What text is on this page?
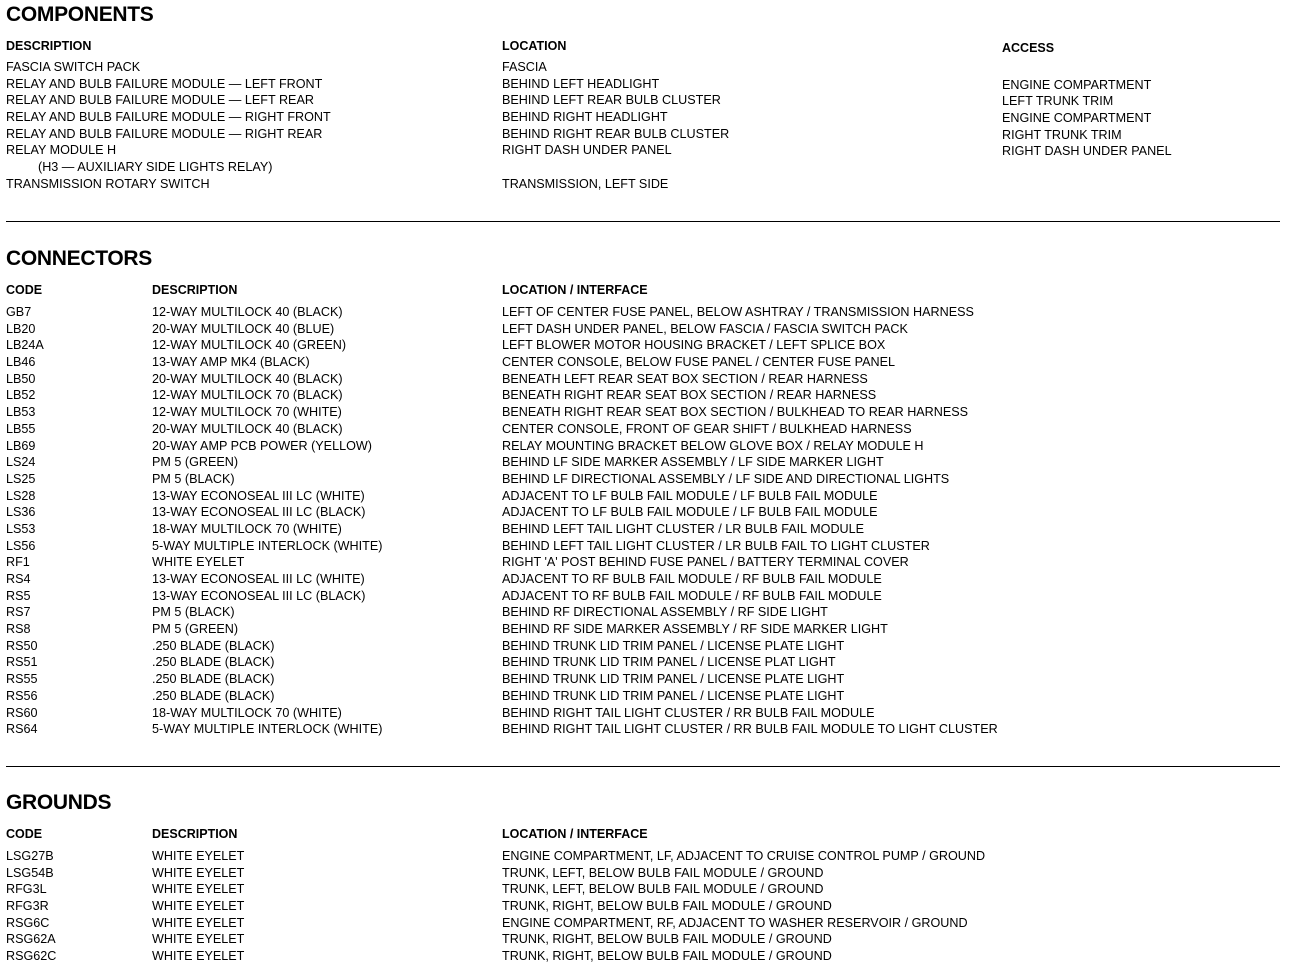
COMPONENTS
DESCRIPTION	LOCATION	ACCESS
FASCIA SWITCH PACK	FASCIA
RELAY AND BULB FAILURE MODULE — LEFT FRONT	BEHIND LEFT HEADLIGHT	ENGINE COMPARTMENT
RELAY AND BULB FAILURE MODULE — LEFT REAR	BEHIND LEFT REAR BULB CLUSTER	LEFT TRUNK TRIM
RELAY AND BULB FAILURE MODULE — RIGHT FRONT	BEHIND RIGHT HEADLIGHT	ENGINE COMPARTMENT
RELAY AND BULB FAILURE MODULE — RIGHT REAR	BEHIND RIGHT REAR BULB CLUSTER	RIGHT TRUNK TRIM
RELAY MODULE H	RIGHT DASH UNDER PANEL	RIGHT DASH UNDER PANEL
(H3 — AUXILIARY SIDE LIGHTS RELAY)
TRANSMISSION ROTARY SWITCH	TRANSMISSION, LEFT SIDE
CONNECTORS
CODE	DESCRIPTION	LOCATION / INTERFACE
GB7	12-WAY MULTILOCK 40 (BLACK)	LEFT OF CENTER FUSE PANEL, BELOW ASHTRAY / TRANSMISSION HARNESS
LB20	20-WAY MULTILOCK 40 (BLUE)	LEFT DASH UNDER PANEL, BELOW FASCIA / FASCIA SWITCH PACK
LB24A	12-WAY MULTILOCK 40 (GREEN)	LEFT BLOWER MOTOR HOUSING BRACKET / LEFT SPLICE BOX
LB46	13-WAY AMP MK4 (BLACK)	CENTER CONSOLE, BELOW FUSE PANEL / CENTER FUSE PANEL
LB50	20-WAY MULTILOCK 40 (BLACK)	BENEATH LEFT REAR SEAT BOX SECTION / REAR HARNESS
LB52	12-WAY MULTILOCK 70 (BLACK)	BENEATH RIGHT REAR SEAT BOX SECTION / REAR HARNESS
LB53	12-WAY MULTILOCK 70 (WHITE)	BENEATH RIGHT REAR SEAT BOX SECTION / BULKHEAD TO REAR HARNESS
LB55	20-WAY MULTILOCK 40 (BLACK)	CENTER CONSOLE, FRONT OF GEAR SHIFT / BULKHEAD HARNESS
LB69	20-WAY AMP PCB POWER (YELLOW)	RELAY MOUNTING BRACKET BELOW GLOVE BOX / RELAY MODULE H
LS24	PM 5 (GREEN)	BEHIND LF SIDE MARKER ASSEMBLY / LF SIDE MARKER LIGHT
LS25	PM 5 (BLACK)	BEHIND LF DIRECTIONAL ASSEMBLY / LF SIDE AND DIRECTIONAL LIGHTS
LS28	13-WAY ECONOSEAL III LC (WHITE)	ADJACENT TO LF BULB FAIL MODULE / LF BULB FAIL MODULE
LS36	13-WAY ECONOSEAL III LC (BLACK)	ADJACENT TO LF BULB FAIL MODULE / LF BULB FAIL MODULE
LS53	18-WAY MULTILOCK 70 (WHITE)	BEHIND LEFT TAIL LIGHT CLUSTER / LR BULB FAIL MODULE
LS56	5-WAY MULTIPLE INTERLOCK (WHITE)	BEHIND LEFT TAIL LIGHT CLUSTER / LR BULB FAIL TO LIGHT CLUSTER
RF1	WHITE EYELET	RIGHT 'A' POST BEHIND FUSE PANEL / BATTERY TERMINAL COVER
RS4	13-WAY ECONOSEAL III LC (WHITE)	ADJACENT TO RF BULB FAIL MODULE / RF BULB FAIL MODULE
RS5	13-WAY ECONOSEAL III LC (BLACK)	ADJACENT TO RF BULB FAIL MODULE / RF BULB FAIL MODULE
RS7	PM 5 (BLACK)	BEHIND RF DIRECTIONAL ASSEMBLY / RF SIDE LIGHT
RS8	PM 5 (GREEN)	BEHIND RF SIDE MARKER ASSEMBLY / RF SIDE MARKER LIGHT
RS50	.250 BLADE (BLACK)	BEHIND TRUNK LID TRIM PANEL / LICENSE PLATE LIGHT
RS51	.250 BLADE (BLACK)	BEHIND TRUNK LID TRIM PANEL / LICENSE PLAT LIGHT
RS55	.250 BLADE (BLACK)	BEHIND TRUNK LID TRIM PANEL / LICENSE PLATE LIGHT
RS56	.250 BLADE (BLACK)	BEHIND TRUNK LID TRIM PANEL / LICENSE PLATE LIGHT
RS60	18-WAY MULTILOCK 70 (WHITE)	BEHIND RIGHT TAIL LIGHT CLUSTER / RR BULB FAIL MODULE
RS64	5-WAY MULTIPLE INTERLOCK (WHITE)	BEHIND RIGHT TAIL LIGHT CLUSTER / RR BULB FAIL MODULE TO LIGHT CLUSTER
GROUNDS
CODE	DESCRIPTION	LOCATION / INTERFACE
LSG27B	WHITE EYELET	ENGINE COMPARTMENT, LF, ADJACENT TO CRUISE CONTROL PUMP / GROUND
LSG54B	WHITE EYELET	TRUNK, LEFT, BELOW BULB FAIL MODULE / GROUND
RFG3L	WHITE EYELET	TRUNK, LEFT, BELOW BULB FAIL MODULE / GROUND
RFG3R	WHITE EYELET	TRUNK, RIGHT, BELOW BULB FAIL MODULE / GROUND
RSG6C	WHITE EYELET	ENGINE COMPARTMENT, RF, ADJACENT TO WASHER RESERVOIR / GROUND
RSG62A	WHITE EYELET	TRUNK, RIGHT, BELOW BULB FAIL MODULE / GROUND
RSG62C	WHITE EYELET	TRUNK, RIGHT, BELOW BULB FAIL MODULE / GROUND
